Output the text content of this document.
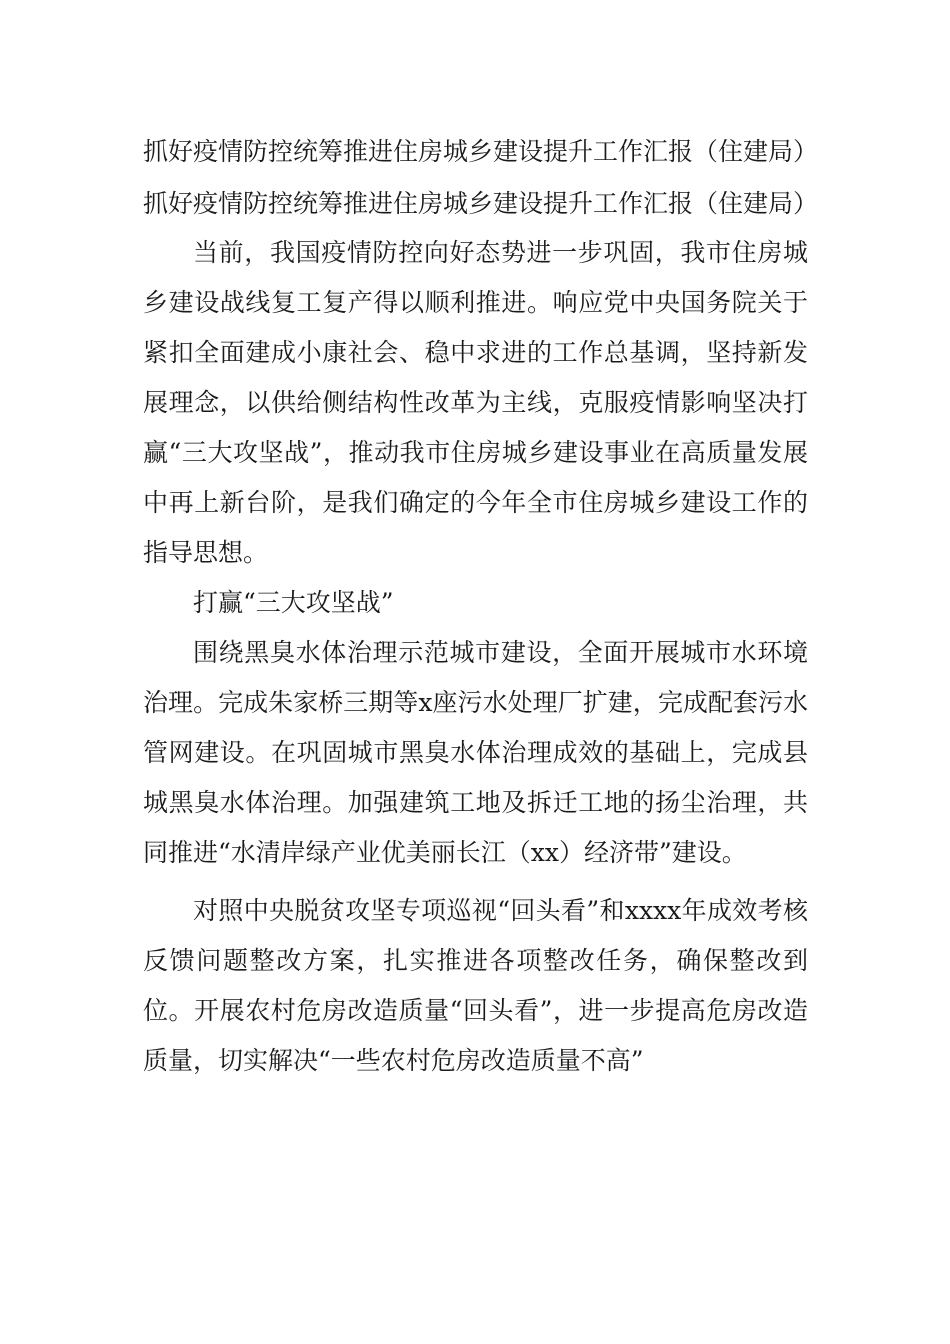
抓好疫情防控统筹推进住房城乡建设提升工作汇报（住建局）
抓好疫情防控统筹推进住房城乡建设提升工作汇报（住建局）

当前，我国疫情防控向好态势进一步巩固，我市住房城乡建设战线复工复产得以顺利推进。响应党中央国务院关于紧扣全面建成小康社会、稳中求进的工作总基调，坚持新发展理念，以供给侧结构性改革为主线，克服疫情影响坚决打赢“三大攻坚战”，推动我市住房城乡建设事业在高质量发展中再上新台阶，是我们确定的今年全市住房城乡建设工作的指导思想。

打赢“三大攻坚战”

围绕黑臭水体治理示范城市建设，全面开展城市水环境治理。完成朱家桥三期等x座污水处理厂扩建，完成配套污水管网建设。在巩固城市黑臭水体治理成效的基础上，完成县城黑臭水体治理。加强建筑工地及拆迁工地的扬尘治理，共同推进“水清岸绿产业优美丽长江（xx）经济带”建设。

对照中央脱贫攻坚专项巡视“回头看”和xxxx年成效考核反馈问题整改方案，扎实推进各项整改任务，确保整改到位。开展农村危房改造质量“回头看”，进一步提高危房改造质量，切实解决“一些农村危房改造质量不高”
